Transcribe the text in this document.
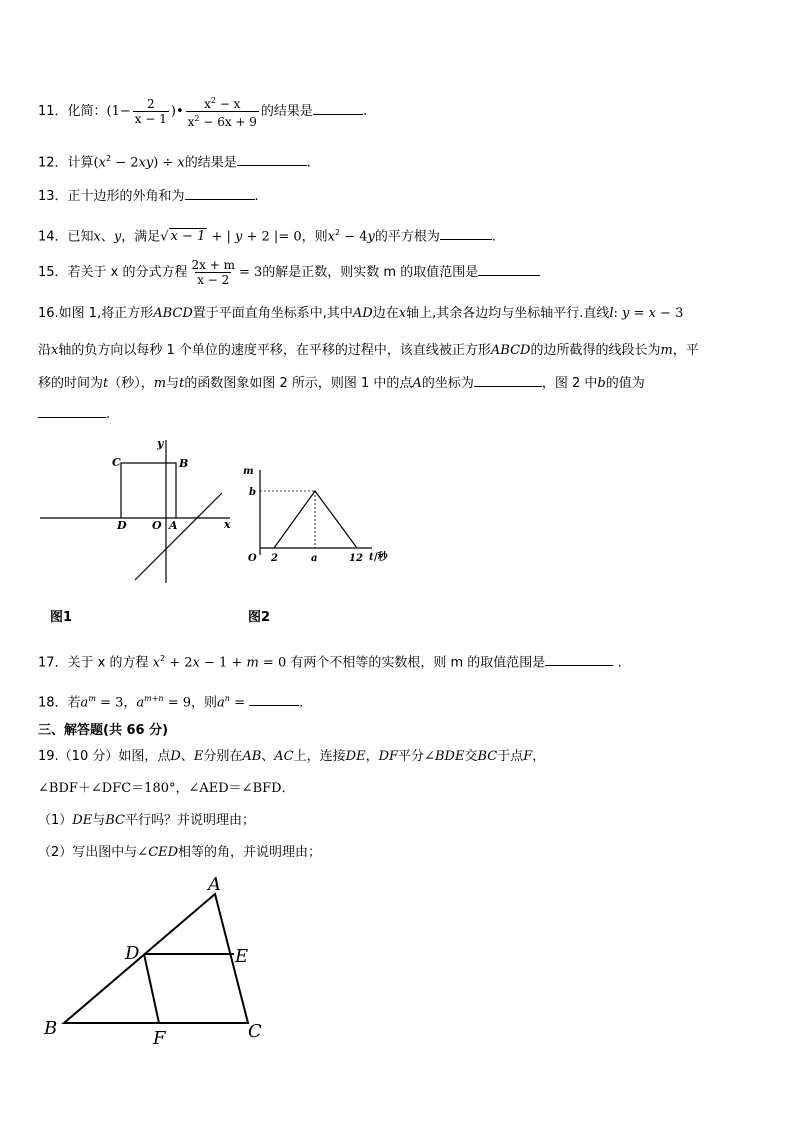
11．化简：($1- \frac{2}{x - 1}$ )• $\frac{x^2 - x}{x^2 - 6x + 9}$ 的结果是	.
12．计算$(x^2 - 2xy) \div x$的结果是	.
13．正十边形的外角和为	.
14．已知x、y，满足√ x − 1 + | y + 2 |= 0，则$x^2 - 4y$的平方根为	.
15．若关于 x 的分式方程 $\frac{2x + m}{x - 2} = 3$的解是正数，则实数 m 的取值范围是
16.如图 1,将正方形ABCD置于平面直角坐标系中,其中AD边在x轴上,其余各边均与坐标轴平行.直线l: y = x − 3
沿x轴的负方向以每秒 1 个单位的速度平移，在平移的过程中，该直线被正方形ABCD的边所截得的线段长为m，平
移的时间为t（秒），m与t的函数图象如图 2 所示，则图 1 中的点A的坐标为	，图 2 中b的值为
.
C	B
D O A	x
y
图1
m
b
O 2	a	12 t /秒
图2
17．关于 x 的方程 $x^2 + 2x - 1 + m = 0$ 有两个不相等的实数根，则 m 的取值范围是	.
18．若$a^m = 3$，$a^{m+n} = 9$，则$a^n$ =	.
三、解答题(共 66 分)
19.（10 分）如图，点D、E分别在AB、AC上，连接DE，DF平分∠BDE交BC于点F，
∠BDF＋∠DFC＝180°，∠AED＝∠BFD．
（1）DE与BC平行吗？并说明理由；
（2）写出图中与∠CED相等的角，并说明理由；
A
B	C
D	E
F
